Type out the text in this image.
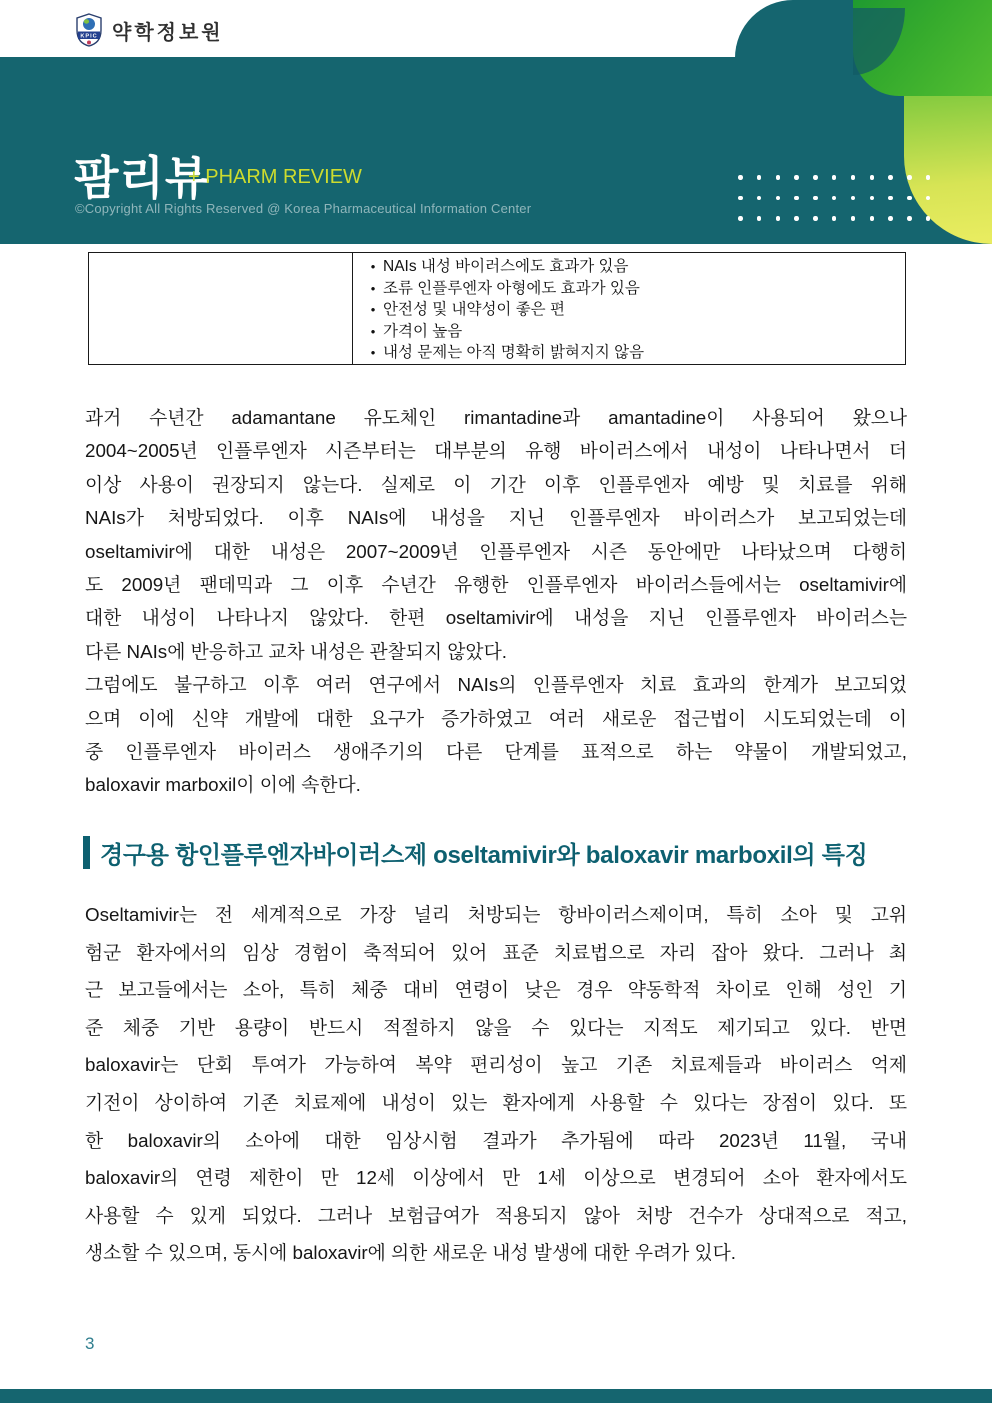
KPIC 약학정보원
팜리뷰
+ PHARM REVIEW
©Copyright All Rights Reserved @ Korea Pharmaceutical Information Center
• NAIs 내성 바이러스에도 효과가 있음
• 조류 인플루엔자 아형에도 효과가 있음
• 안전성 및 내약성이 좋은 편
• 가격이 높음
• 내성 문제는 아직 명확히 밝혀지지 않음
과거 수년간 adamantane 유도체인 rimantadine과 amantadine이 사용되어 왔으나
2004~2005년 인플루엔자 시즌부터는 대부분의 유행 바이러스에서 내성이 나타나면서 더
이상 사용이 권장되지 않는다. 실제로 이 기간 이후 인플루엔자 예방 및 치료를 위해
NAIs가 처방되었다. 이후 NAIs에 내성을 지닌 인플루엔자 바이러스가 보고되었는데
oseltamivir에 대한 내성은 2007~2009년 인플루엔자 시즌 동안에만 나타났으며 다행히
도 2009년 팬데믹과 그 이후 수년간 유행한 인플루엔자 바이러스들에서는 oseltamivir에
대한 내성이 나타나지 않았다. 한편 oseltamivir에 내성을 지닌 인플루엔자 바이러스는
다른 NAIs에 반응하고 교차 내성은 관찰되지 않았다.
그럼에도 불구하고 이후 여러 연구에서 NAIs의 인플루엔자 치료 효과의 한계가 보고되었
으며 이에 신약 개발에 대한 요구가 증가하였고 여러 새로운 접근법이 시도되었는데 이
중 인플루엔자 바이러스 생애주기의 다른 단계를 표적으로 하는 약물이 개발되었고,
baloxavir marboxil이 이에 속한다.
경구용 항인플루엔자바이러스제 oseltamivir와 baloxavir marboxil의 특징
Oseltamivir는 전 세계적으로 가장 널리 처방되는 항바이러스제이며, 특히 소아 및 고위
험군 환자에서의 임상 경험이 축적되어 있어 표준 치료법으로 자리 잡아 왔다. 그러나 최
근 보고들에서는 소아, 특히 체중 대비 연령이 낮은 경우 약동학적 차이로 인해 성인 기
준 체중 기반 용량이 반드시 적절하지 않을 수 있다는 지적도 제기되고 있다. 반면
baloxavir는 단회 투여가 가능하여 복약 편리성이 높고 기존 치료제들과 바이러스 억제
기전이 상이하여 기존 치료제에 내성이 있는 환자에게 사용할 수 있다는 장점이 있다. 또
한 baloxavir의 소아에 대한 임상시험 결과가 추가됨에 따라 2023년 11월, 국내
baloxavir의 연령 제한이 만 12세 이상에서 만 1세 이상으로 변경되어 소아 환자에서도
사용할 수 있게 되었다. 그러나 보험급여가 적용되지 않아 처방 건수가 상대적으로 적고,
생소할 수 있으며, 동시에 baloxavir에 의한 새로운 내성 발생에 대한 우려가 있다.
3
